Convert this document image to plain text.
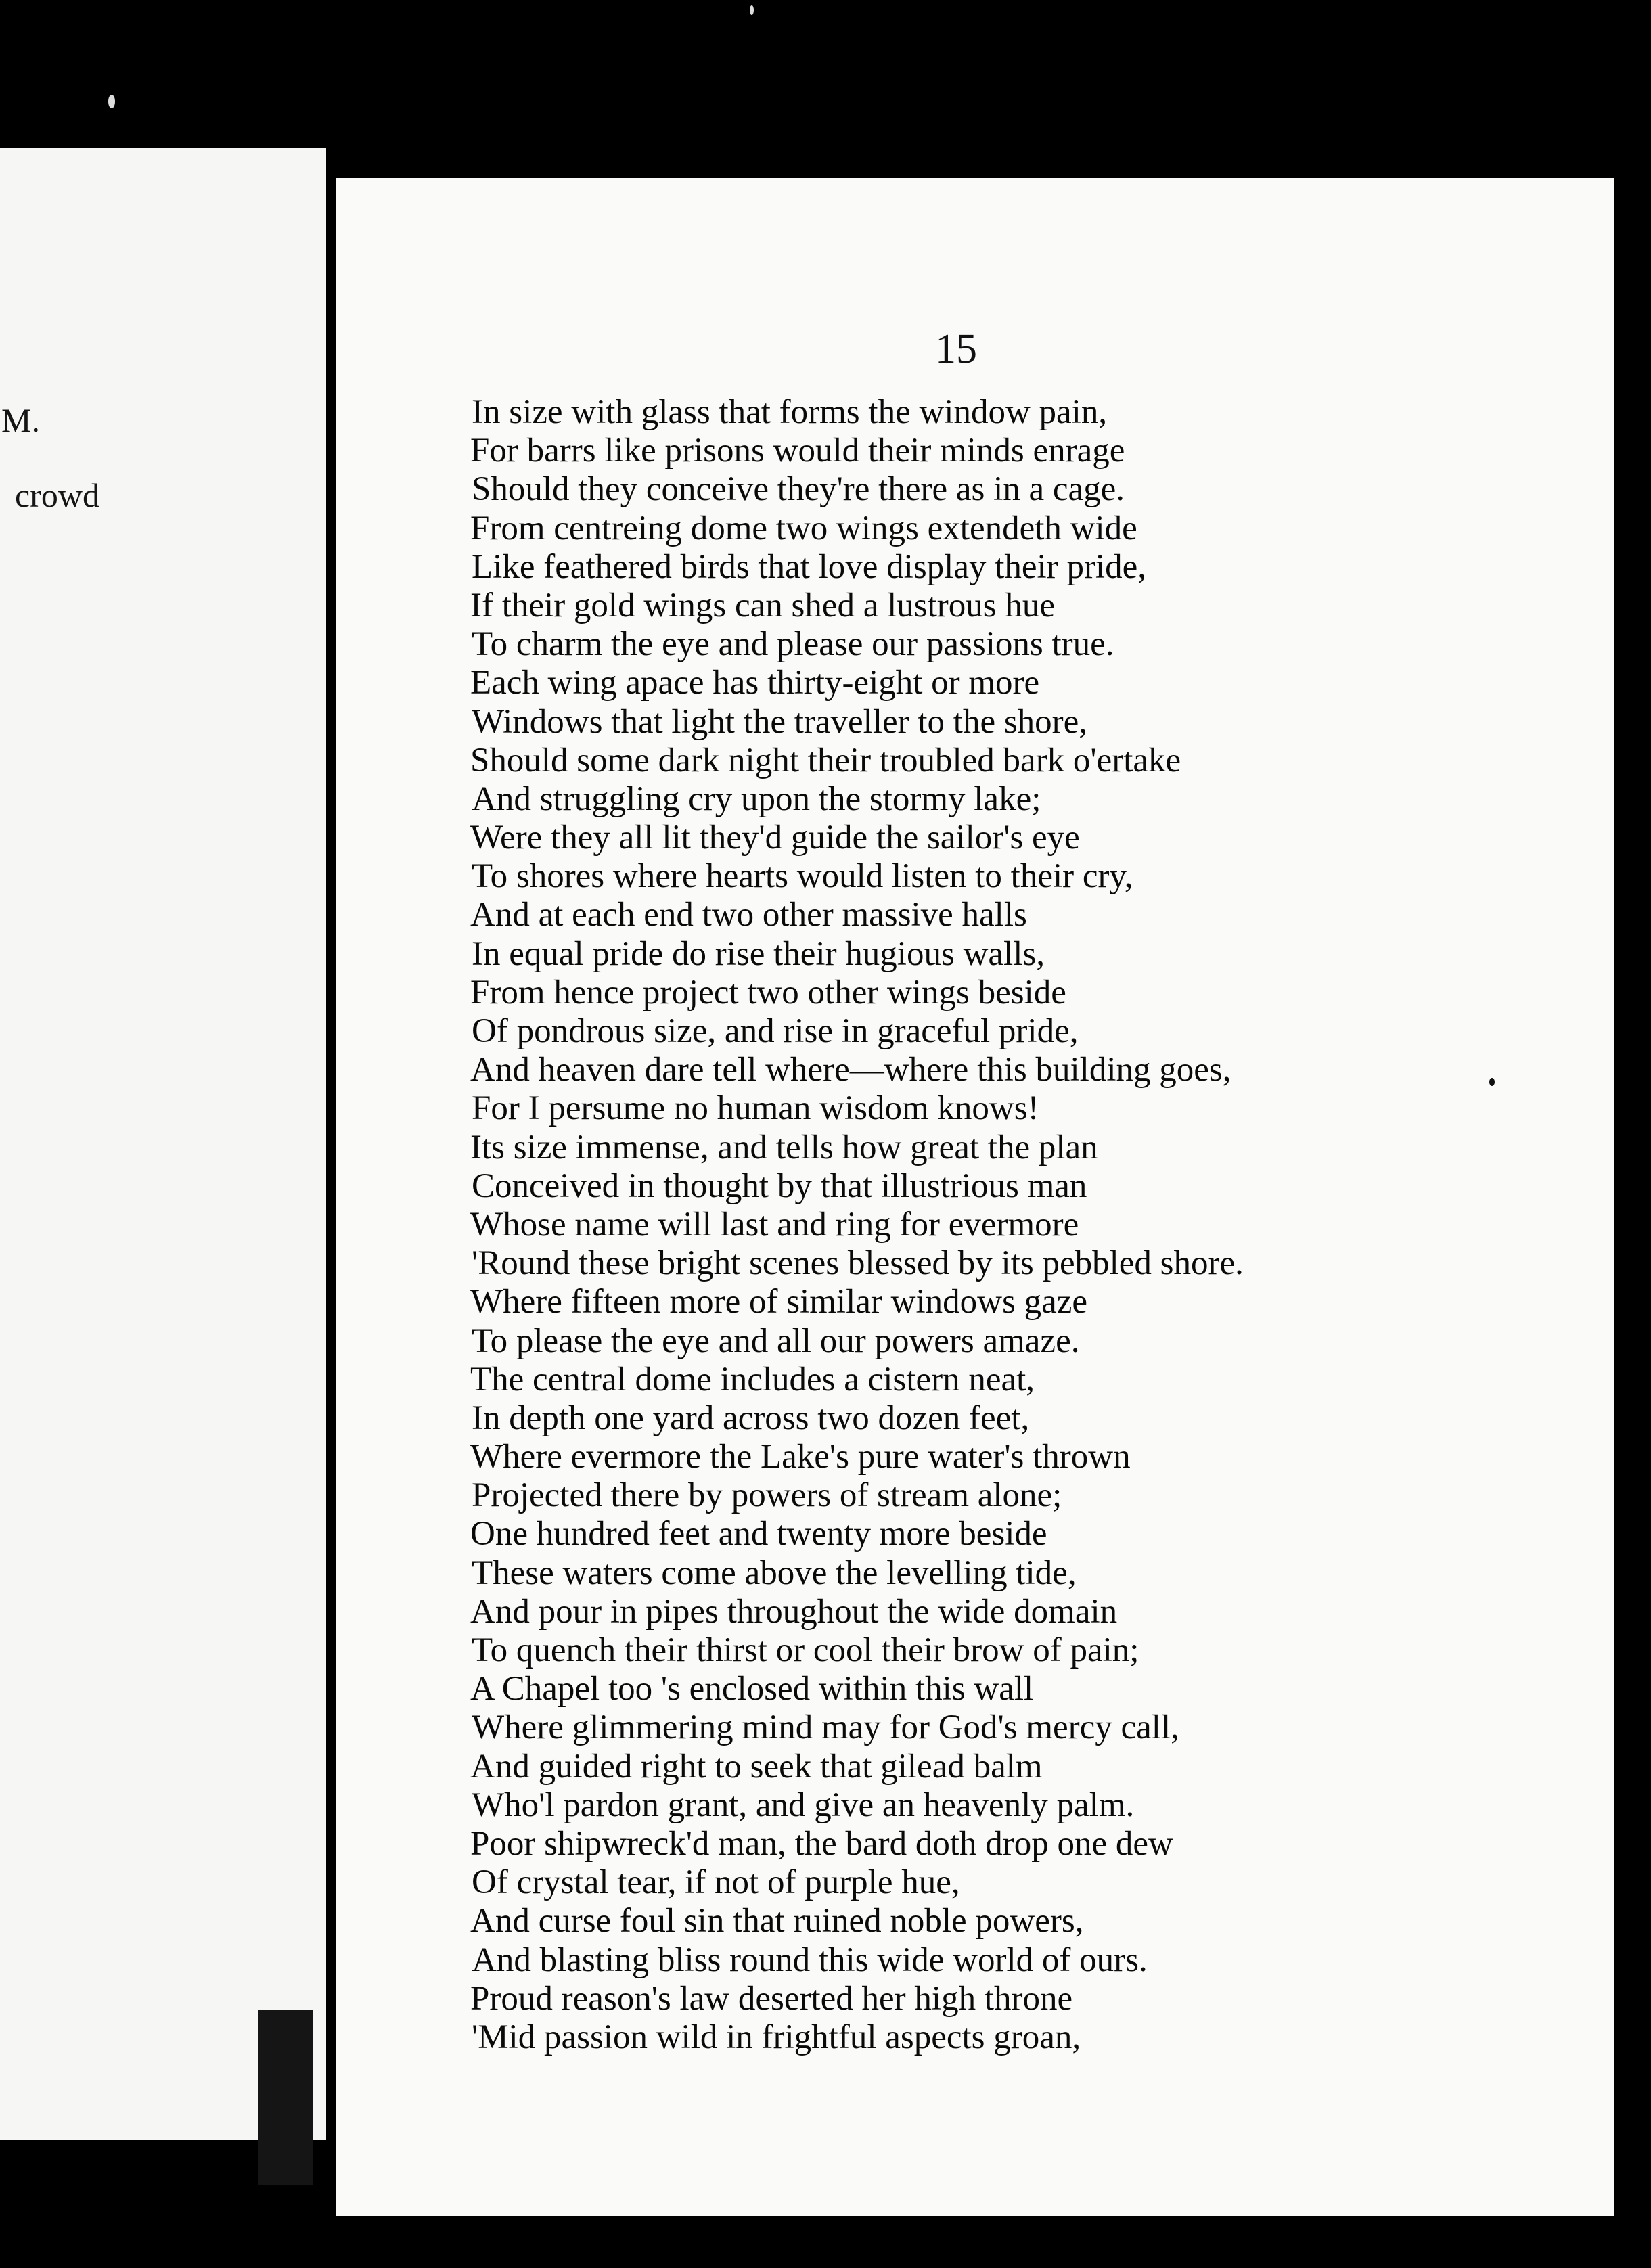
M.
crowd
15
In size with glass that forms the window pain,
For barrs like prisons would their minds enrage
Should they conceive they're there as in a cage.
From centreing dome two wings extendeth wide
Like feathered birds that love display their pride,
If their gold wings can shed a lustrous hue
To charm the eye and please our passions true.
Each wing apace has thirty-eight or more
Windows that light the traveller to the shore,
Should some dark night their troubled bark o'ertake
And struggling cry upon the stormy lake;
Were they all lit they'd guide the sailor's eye
To shores where hearts would listen to their cry,
And at each end two other massive halls
In equal pride do rise their hugious walls,
From hence project two other wings beside
Of pondrous size, and rise in graceful pride,
And heaven dare tell where—where this building goes,
For I persume no human wisdom knows!
Its size immense, and tells how great the plan
Conceived in thought by that illustrious man
Whose name will last and ring for evermore
'Round these bright scenes blessed by its pebbled shore.
Where fifteen more of similar windows gaze
To please the eye and all our powers amaze.
The central dome includes a cistern neat,
In depth one yard across two dozen feet,
Where evermore the Lake's pure water's thrown
Projected there by powers of stream alone;
One hundred feet and twenty more beside
These waters come above the levelling tide,
And pour in pipes throughout the wide domain
To quench their thirst or cool their brow of pain;
A Chapel too 's enclosed within this wall
Where glimmering mind may for God's mercy call,
And guided right to seek that gilead balm
Who'l pardon grant, and give an heavenly palm.
Poor shipwreck'd man, the bard doth drop one dew
Of crystal tear, if not of purple hue,
And curse foul sin that ruined noble powers,
And blasting bliss round this wide world of ours.
Proud reason's law deserted her high throne
'Mid passion wild in frightful aspects groan,
